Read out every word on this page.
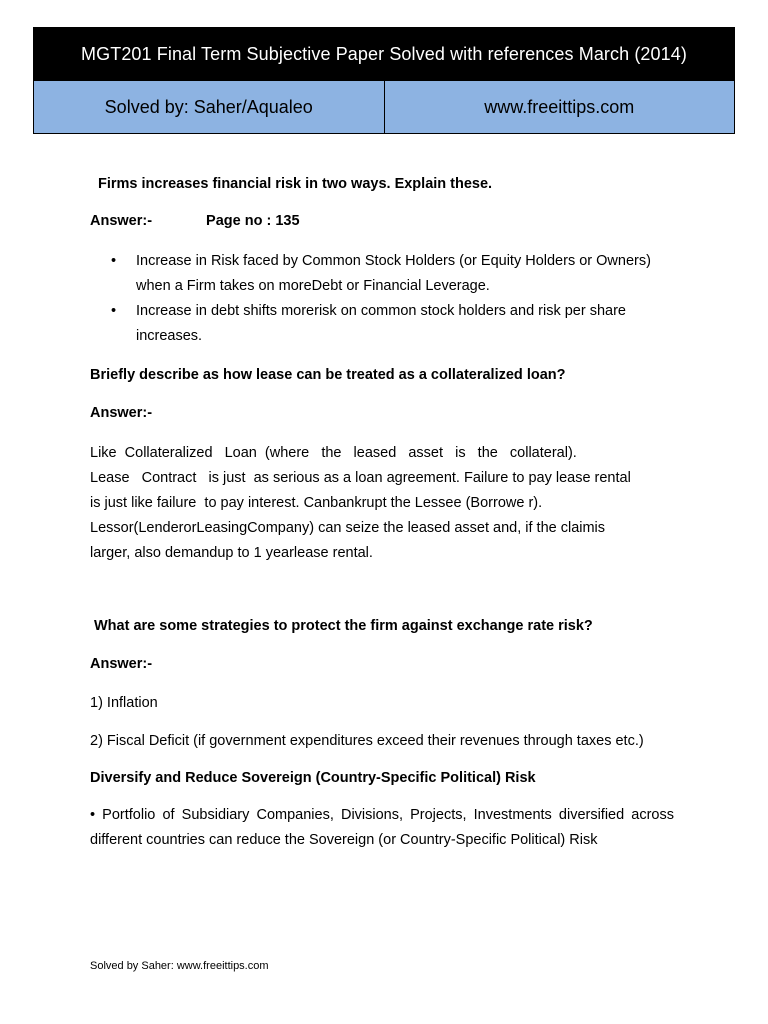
MGT201 Final Term Subjective Paper Solved with references March (2014)
Solved by: Saher/Aqualeo	www.freeittips.com

Firms increases financial risk in two ways. Explain these.

Answer:-	Page no : 135

• Increase in Risk faced by Common Stock Holders (or Equity Holders or Owners) when a Firm takes on moreDebt or Financial Leverage.
• Increase in debt shifts morerisk on common stock holders and risk per share increases.

Briefly describe as how lease can be treated as a collateralized loan?

Answer:-

Like  Collateralized   Loan  (where   the   leased   asset   is   the   collateral).
Lease   Contract   is just  as serious as a loan agreement. Failure to pay lease rental
is just like failure  to pay interest. Canbankrupt the Lessee (Borrowe r).
Lessor(LenderorLeasingCompany) can seize the leased asset and, if the claimis
larger, also demandup to 1 yearlease rental.

What are some strategies to protect the firm against exchange rate risk?

Answer:-

1) Inflation

2) Fiscal Deficit (if government expenditures exceed their revenues through taxes etc.)

Diversify and Reduce Sovereign (Country-Specific Political) Risk

• Portfolio of Subsidiary Companies, Divisions, Projects, Investments diversified across different countries can reduce the Sovereign (or Country-Specific Political) Risk

Solved by Saher: www.freeittips.com
